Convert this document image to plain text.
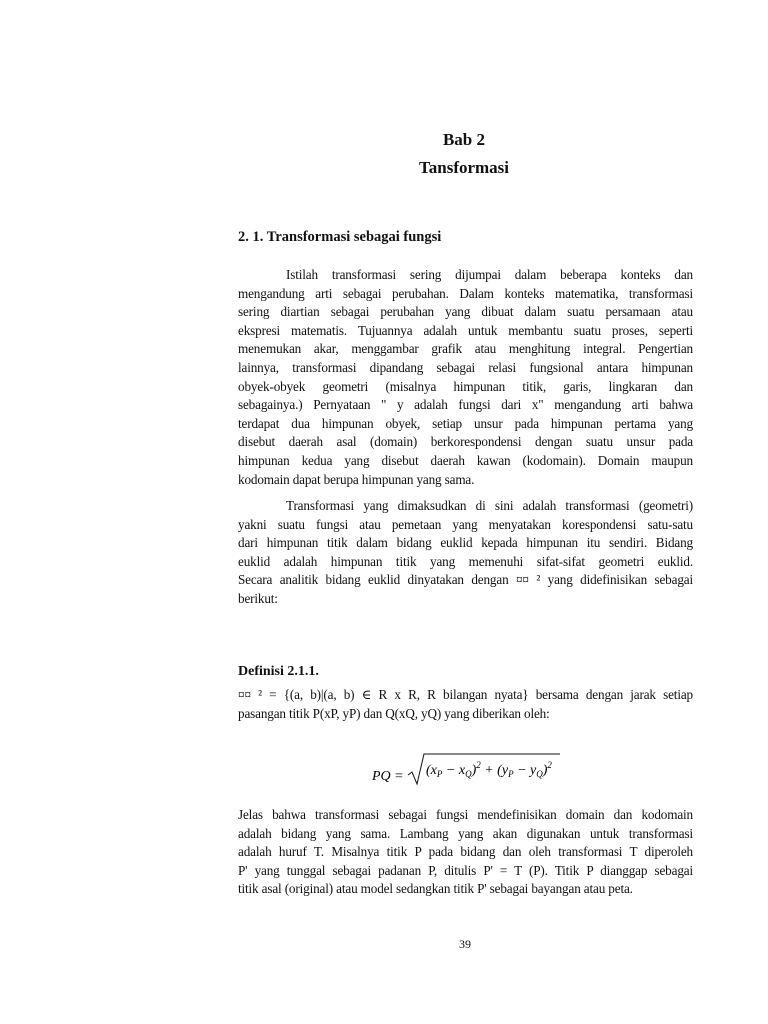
Bab 2
Tansformasi
2. 1. Transformasi sebagai fungsi
Istilah transformasi sering dijumpai dalam beberapa konteks dan
mengandung arti sebagai perubahan. Dalam konteks matematika, transformasi
sering diartian sebagai perubahan yang dibuat dalam suatu persamaan atau
ekspresi matematis. Tujuannya adalah untuk membantu suatu proses, seperti
menemukan akar, menggambar grafik atau menghitung integral. Pengertian
lainnya, transformasi dipandang sebagai relasi fungsional antara himpunan
obyek-obyek geometri (misalnya himpunan titik, garis, lingkaran dan
sebagainya.) Pernyataan " y adalah fungsi dari x" mengandung arti bahwa
terdapat dua himpunan obyek, setiap unsur pada himpunan pertama yang
disebut daerah asal (domain) berkorespondensi dengan suatu unsur pada
himpunan kedua yang disebut daerah kawan (kodomain). Domain maupun
kodomain dapat berupa himpunan yang sama.
Transformasi yang dimaksudkan di sini adalah transformasi (geometri)
yakni suatu fungsi atau pemetaan yang menyatakan korespondensi satu-satu
dari himpunan titik dalam bidang euklid kepada himpunan itu sendiri. Bidang
euklid adalah himpunan titik yang memenuhi sifat-sifat geometri euklid.
Secara analitik bidang euklid dinyatakan dengan ¤¤ ² yang didefinisikan sebagai
berikut:
Definisi 2.1.1.
¤¤ ² = {(a, b)|(a, b) ∈ R x R, R bilangan nyata} bersama dengan jarak setiap
pasangan titik P(xP, yP) dan Q(xQ, yQ) yang diberikan oleh:
PQ = $(x_P - x_Q)^2 + (y_P - y_Q)^2$
Jelas bahwa transformasi sebagai fungsi mendefinisikan domain dan kodomain
adalah bidang yang sama. Lambang yang akan digunakan untuk transformasi
adalah huruf T. Misalnya titik P pada bidang dan oleh transformasi T diperoleh
P' yang tunggal sebagai padanan P, ditulis P' = T (P). Titik P dianggap sebagai
titik asal (original) atau model sedangkan titik P' sebagai bayangan atau peta.
39
